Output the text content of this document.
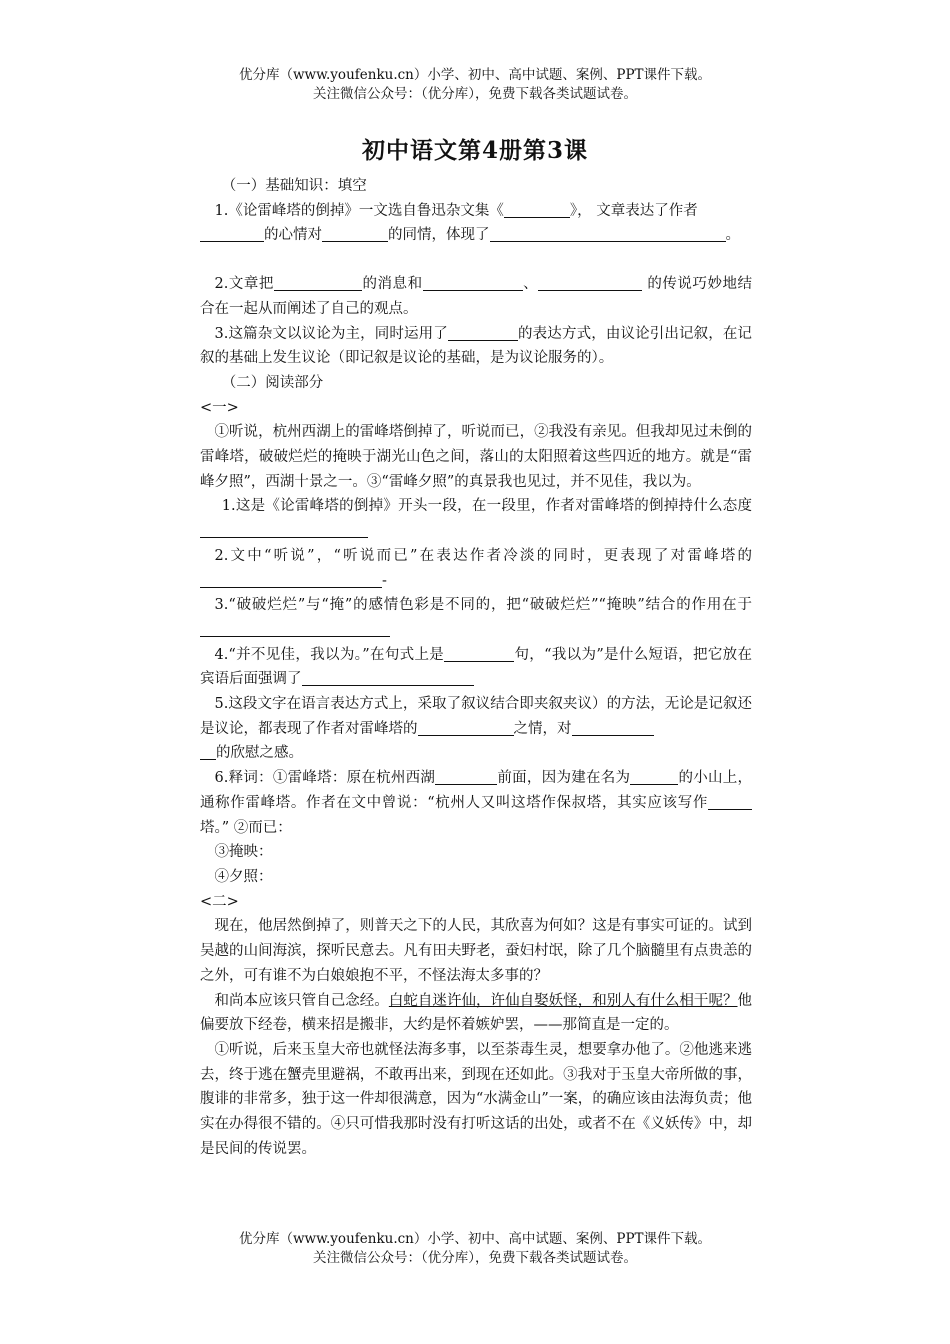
优分库（www.youfenku.cn）小学、初中、高中试题、案例、PPT课件下载。
关注微信公众号：（优分库），免费下载各类试题试卷。
初中语文第4册第3课

（一）基础知识：填空

1.《论雷峰塔的倒掉》一文选自鲁迅杂文集《	》， 文章表达了作者
的心情对	的同情，体现了	。

2.文章把	的消息和	、	的传说巧妙地结合在一起从而阐述了自己的观点。

3.这篇杂文以议论为主，同时运用了	的表达方式，由议论引出记叙，在记叙的基础上发生议论（即记叙是议论的基础，是为议论服务的）。

（二）阅读部分

<一>

①听说，杭州西湖上的雷峰塔倒掉了，听说而已，②我没有亲见。但我却见过未倒的雷峰塔，破破烂烂的掩映于湖光山色之间，落山的太阳照着这些四近的地方。就是“雷峰夕照”，西湖十景之一。③“雷峰夕照”的真景我也见过，并不见佳，我以为。

1.这是《论雷峰塔的倒掉》开头一段，在一段里，作者对雷峰塔的倒掉持什么态度

2.文中“听说”，“听说而已”在表达作者冷淡的同时，更表现了对雷峰塔的-

3.“破破烂烂”与“掩”的感情色彩是不同的，把“破破烂烂”“掩映”结合的作用在于

4.“并不见佳，我以为。”在句式上是	句，“我以为”是什么短语，把它放在宾语后面强调了

5.这段文字在语言表达方式上，采取了叙议结合即夹叙夹议）的方法，无论是记叙还是议论，都表现了作者对雷峰塔的	之情，对
的欣慰之感。

6.释词：①雷峰塔：原在杭州西湖	前面，因为建在名为	的小山上，通称作雷峰塔。作者在文中曾说：“杭州人又叫这塔作保叔塔，其实应该写作塔。” ②而已：

③掩映：

④夕照：

<二>

现在，他居然倒掉了，则普天之下的人民，其欣喜为何如？这是有事实可证的。试到吴越的山间海滨，探听民意去。凡有田夫野老，蚕妇村氓，除了几个脑髓里有点贵恙的之外，可有谁不为白娘娘抱不平，不怪法海太多事的？

和尚本应该只管自己念经。白蛇自迷许仙，许仙自娶妖怪，和别人有什么相干呢？他偏要放下经卷，横来招是搬非，大约是怀着嫉妒罢，——那简直是一定的。

①听说，后来玉皇大帝也就怪法海多事，以至荼毒生灵，想要拿办他了。②他逃来逃去，终于逃在蟹壳里避祸，不敢再出来，到现在还如此。③我对于玉皇大帝所做的事，腹诽的非常多，独于这一件却很满意，因为“水满金山”一案，的确应该由法海负责；他实在办得很不错的。④只可惜我那时没有打听这话的出处，或者不在《义妖传》中，却是民间的传说罢。

优分库（www.youfenku.cn）小学、初中、高中试题、案例、PPT课件下载。
关注微信公众号：（优分库），免费下载各类试题试卷。
